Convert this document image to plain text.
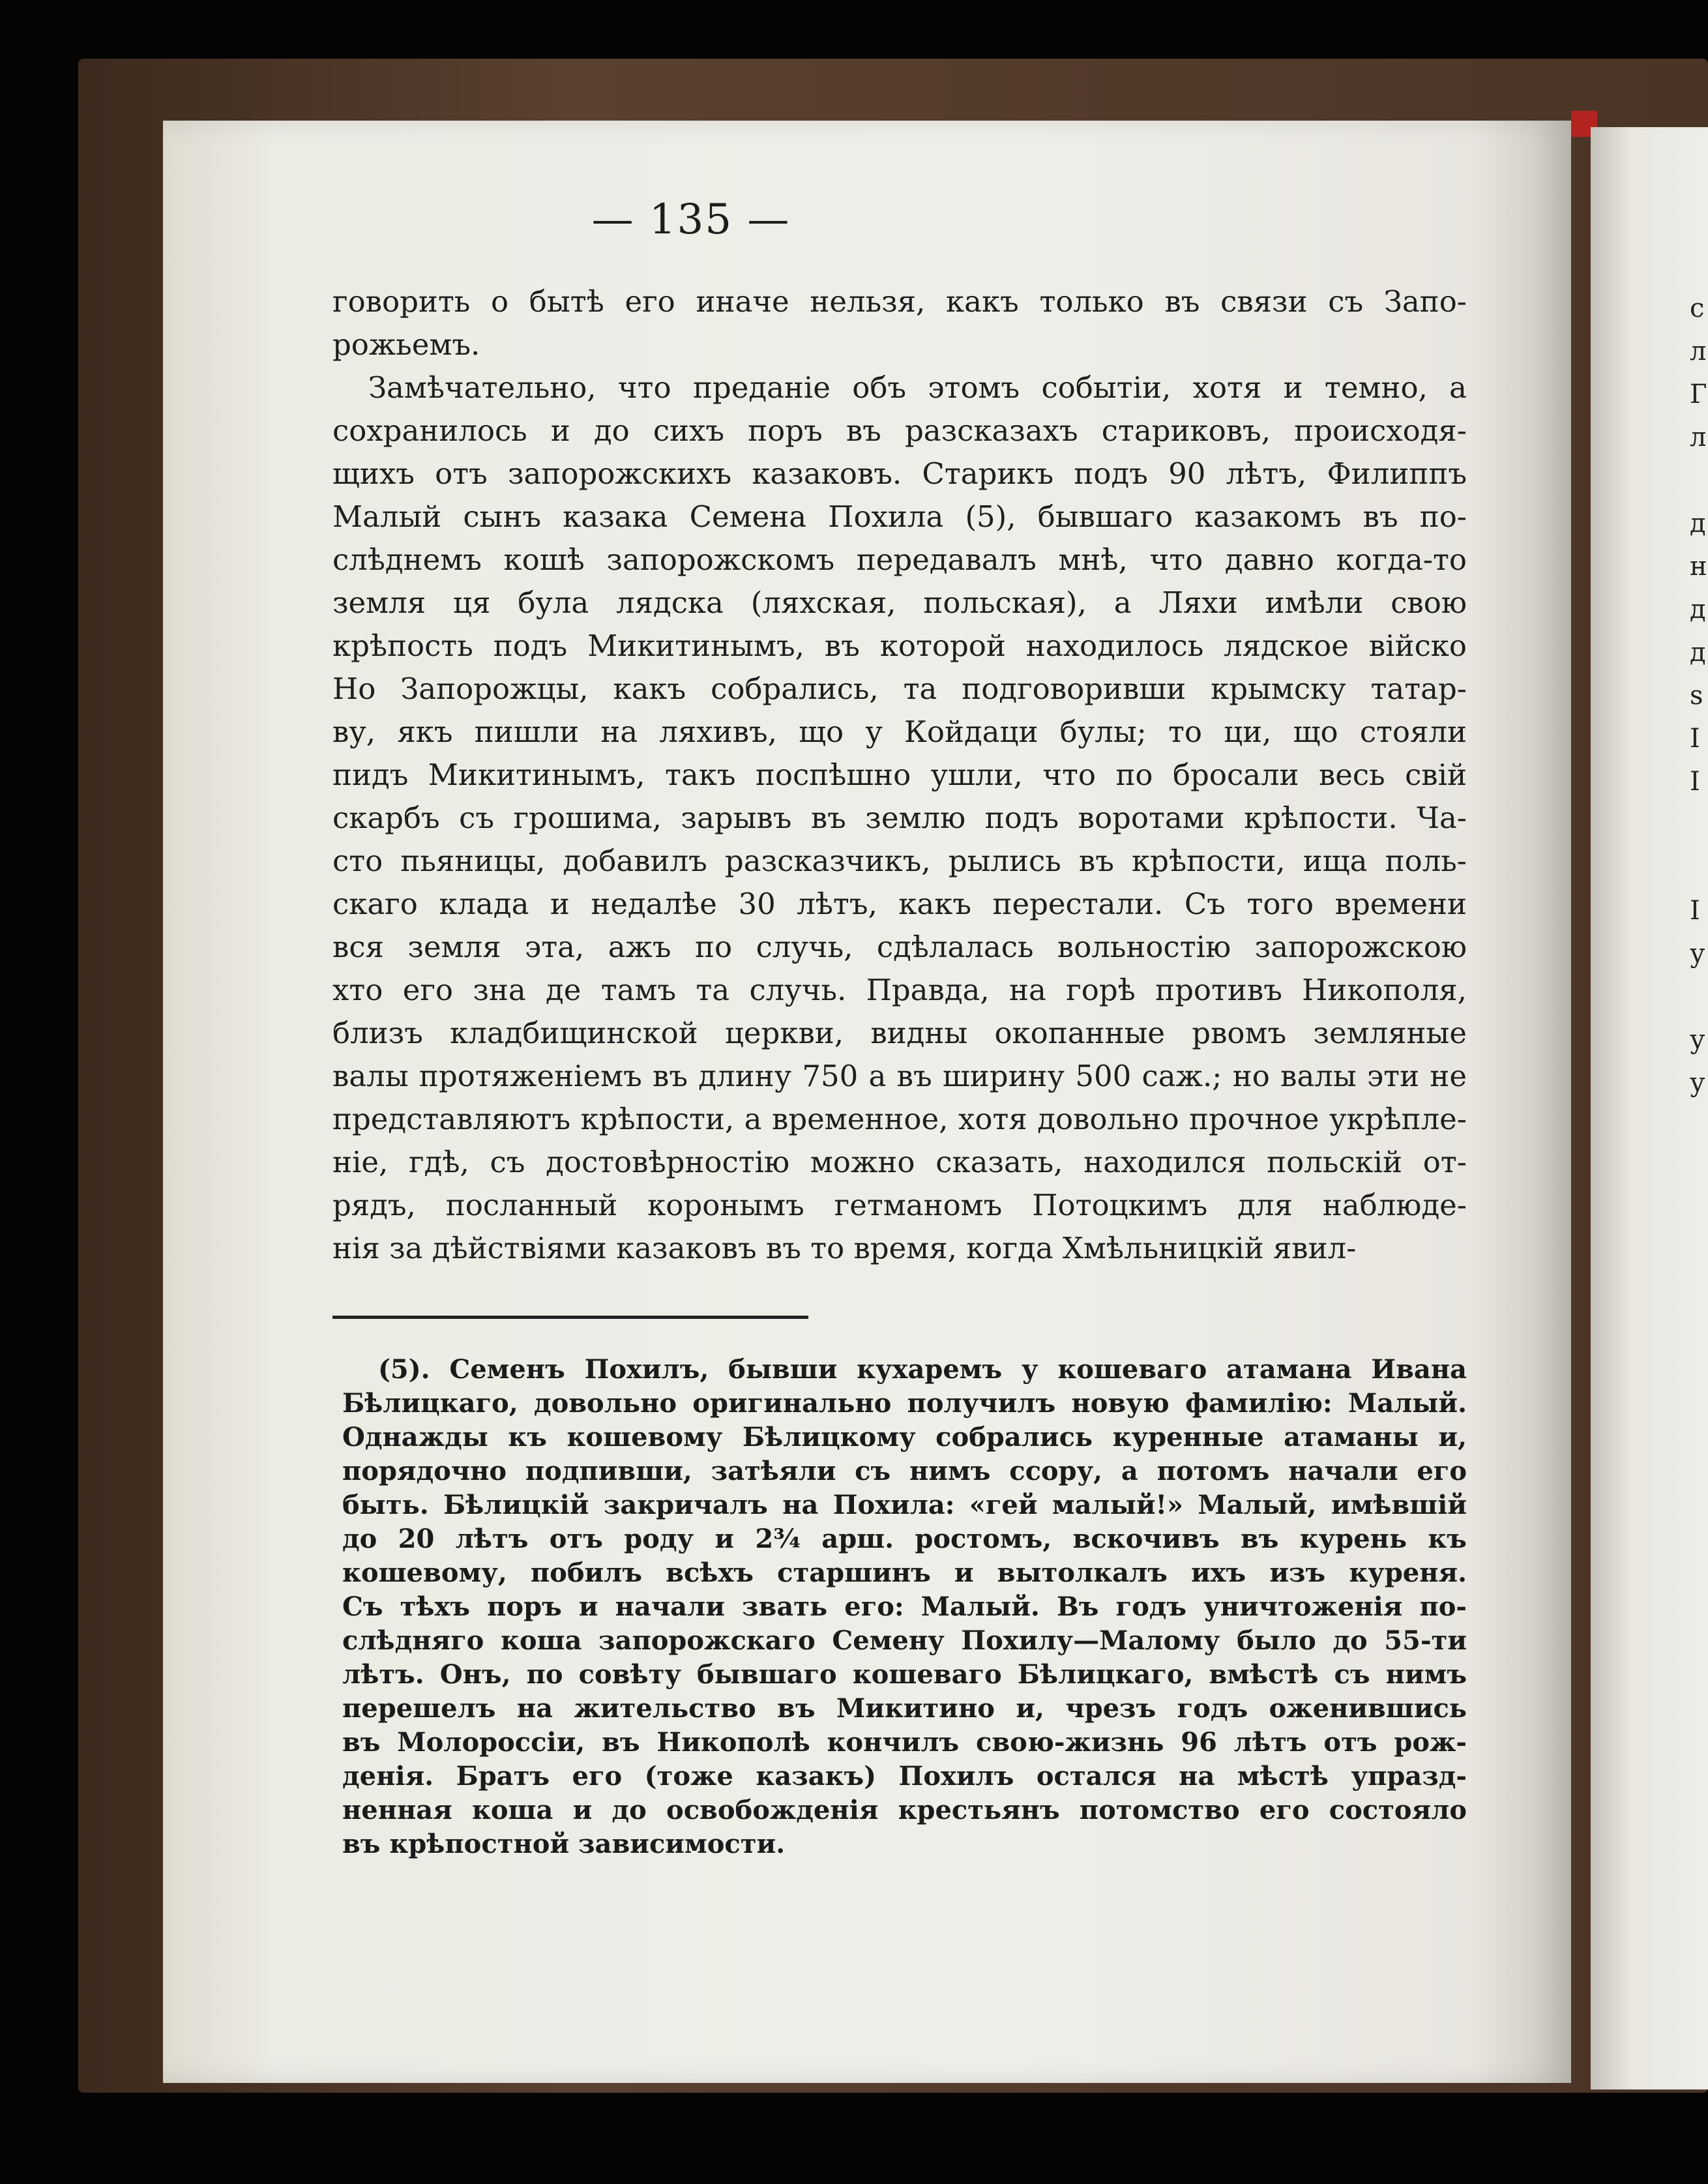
— 135 —
говорить о бытѣ его иначе нельзя, какъ только въ связи съ Запо-
рожьемъ.
Замѣчательно, что преданіе объ этомъ событіи, хотя и темно, а
сохранилось и до сихъ поръ въ разсказахъ стариковъ, происходя-
щихъ отъ запорожскихъ казаковъ. Старикъ подъ 90 лѣтъ, Филиппъ
Малый сынъ казака Семена Похила (5), бывшаго казакомъ въ по-
слѣднемъ кошѣ запорожскомъ передавалъ мнѣ, что давно когда-то
земля ця була лядска (ляхская, польская), а Ляхи имѣли свою
крѣпость подъ Микитинымъ, въ которой находилось лядское війско
Но Запорожцы, какъ собрались, та подговоривши крымску татар-
ву, якъ пишли на ляхивъ, що у Койдаци булы; то ци, що стояли
пидъ Микитинымъ, такъ поспѣшно ушли, что по бросали весь свій
скарбъ съ грошима, зарывъ въ землю подъ воротами крѣпости. Ча-
сто пьяницы, добавилъ разсказчикъ, рылись въ крѣпости, ища поль-
скаго клада и недалѣе 30 лѣтъ, какъ перестали. Съ того времени
вся земля эта, ажъ по случь, сдѣлалась вольностію запорожскою
хто его зна де тамъ та случь. Правда, на горѣ противъ Никополя,
близъ кладбищинской церкви, видны окопанные рвомъ земляные
валы протяженіемъ въ длину 750 а въ ширину 500 саж.; но валы эти не
представляютъ крѣпости, а временное, хотя довольно прочное укрѣпле-
ніе, гдѣ, съ достовѣрностію можно сказать, находился польскій от-
рядъ, посланный коронымъ гетманомъ Потоцкимъ для наблюде-
нія за дѣйствіями казаковъ въ то время, когда Хмѣльницкій явил-
(5). Семенъ Похилъ, бывши кухаремъ у кошеваго атамана Ивана
Бѣлицкаго, довольно оригинально получилъ новую фамилію: Малый.
Однажды къ кошевому Бѣлицкому собрались куренные атаманы и,
порядочно подпивши, затѣяли съ нимъ ссору, а потомъ начали его
быть. Бѣлицкій закричалъ на Похила: «гей малый!» Малый, имѣвшій
до 20 лѣтъ отъ роду и 2¾ арш. ростомъ, вскочивъ въ курень къ
кошевому, побилъ всѣхъ старшинъ и вытолкалъ ихъ изъ куреня.
Съ тѣхъ поръ и начали звать его: Малый. Въ годъ уничтоженія по-
слѣдняго коша запорожскаго Семену Похилу—Малому было до 55-ти
лѣтъ. Онъ, по совѣту бывшаго кошеваго Бѣлицкаго, вмѣстѣ съ нимъ
перешелъ на жительство въ Микитино и, чрезъ годъ оженившись
въ Молороссіи, въ Никополѣ кончилъ свою-жизнь 96 лѣтъ отъ рож-
денія. Братъ его (тоже казакъ) Похилъ остался на мѣстѣ упразд-
ненная коша и до освобожденія крестьянъ потомство его состояло
въ крѣпостной зависимости.
с
л
Г
л
д
н
д
д
s
I
I
I
у
у
у
